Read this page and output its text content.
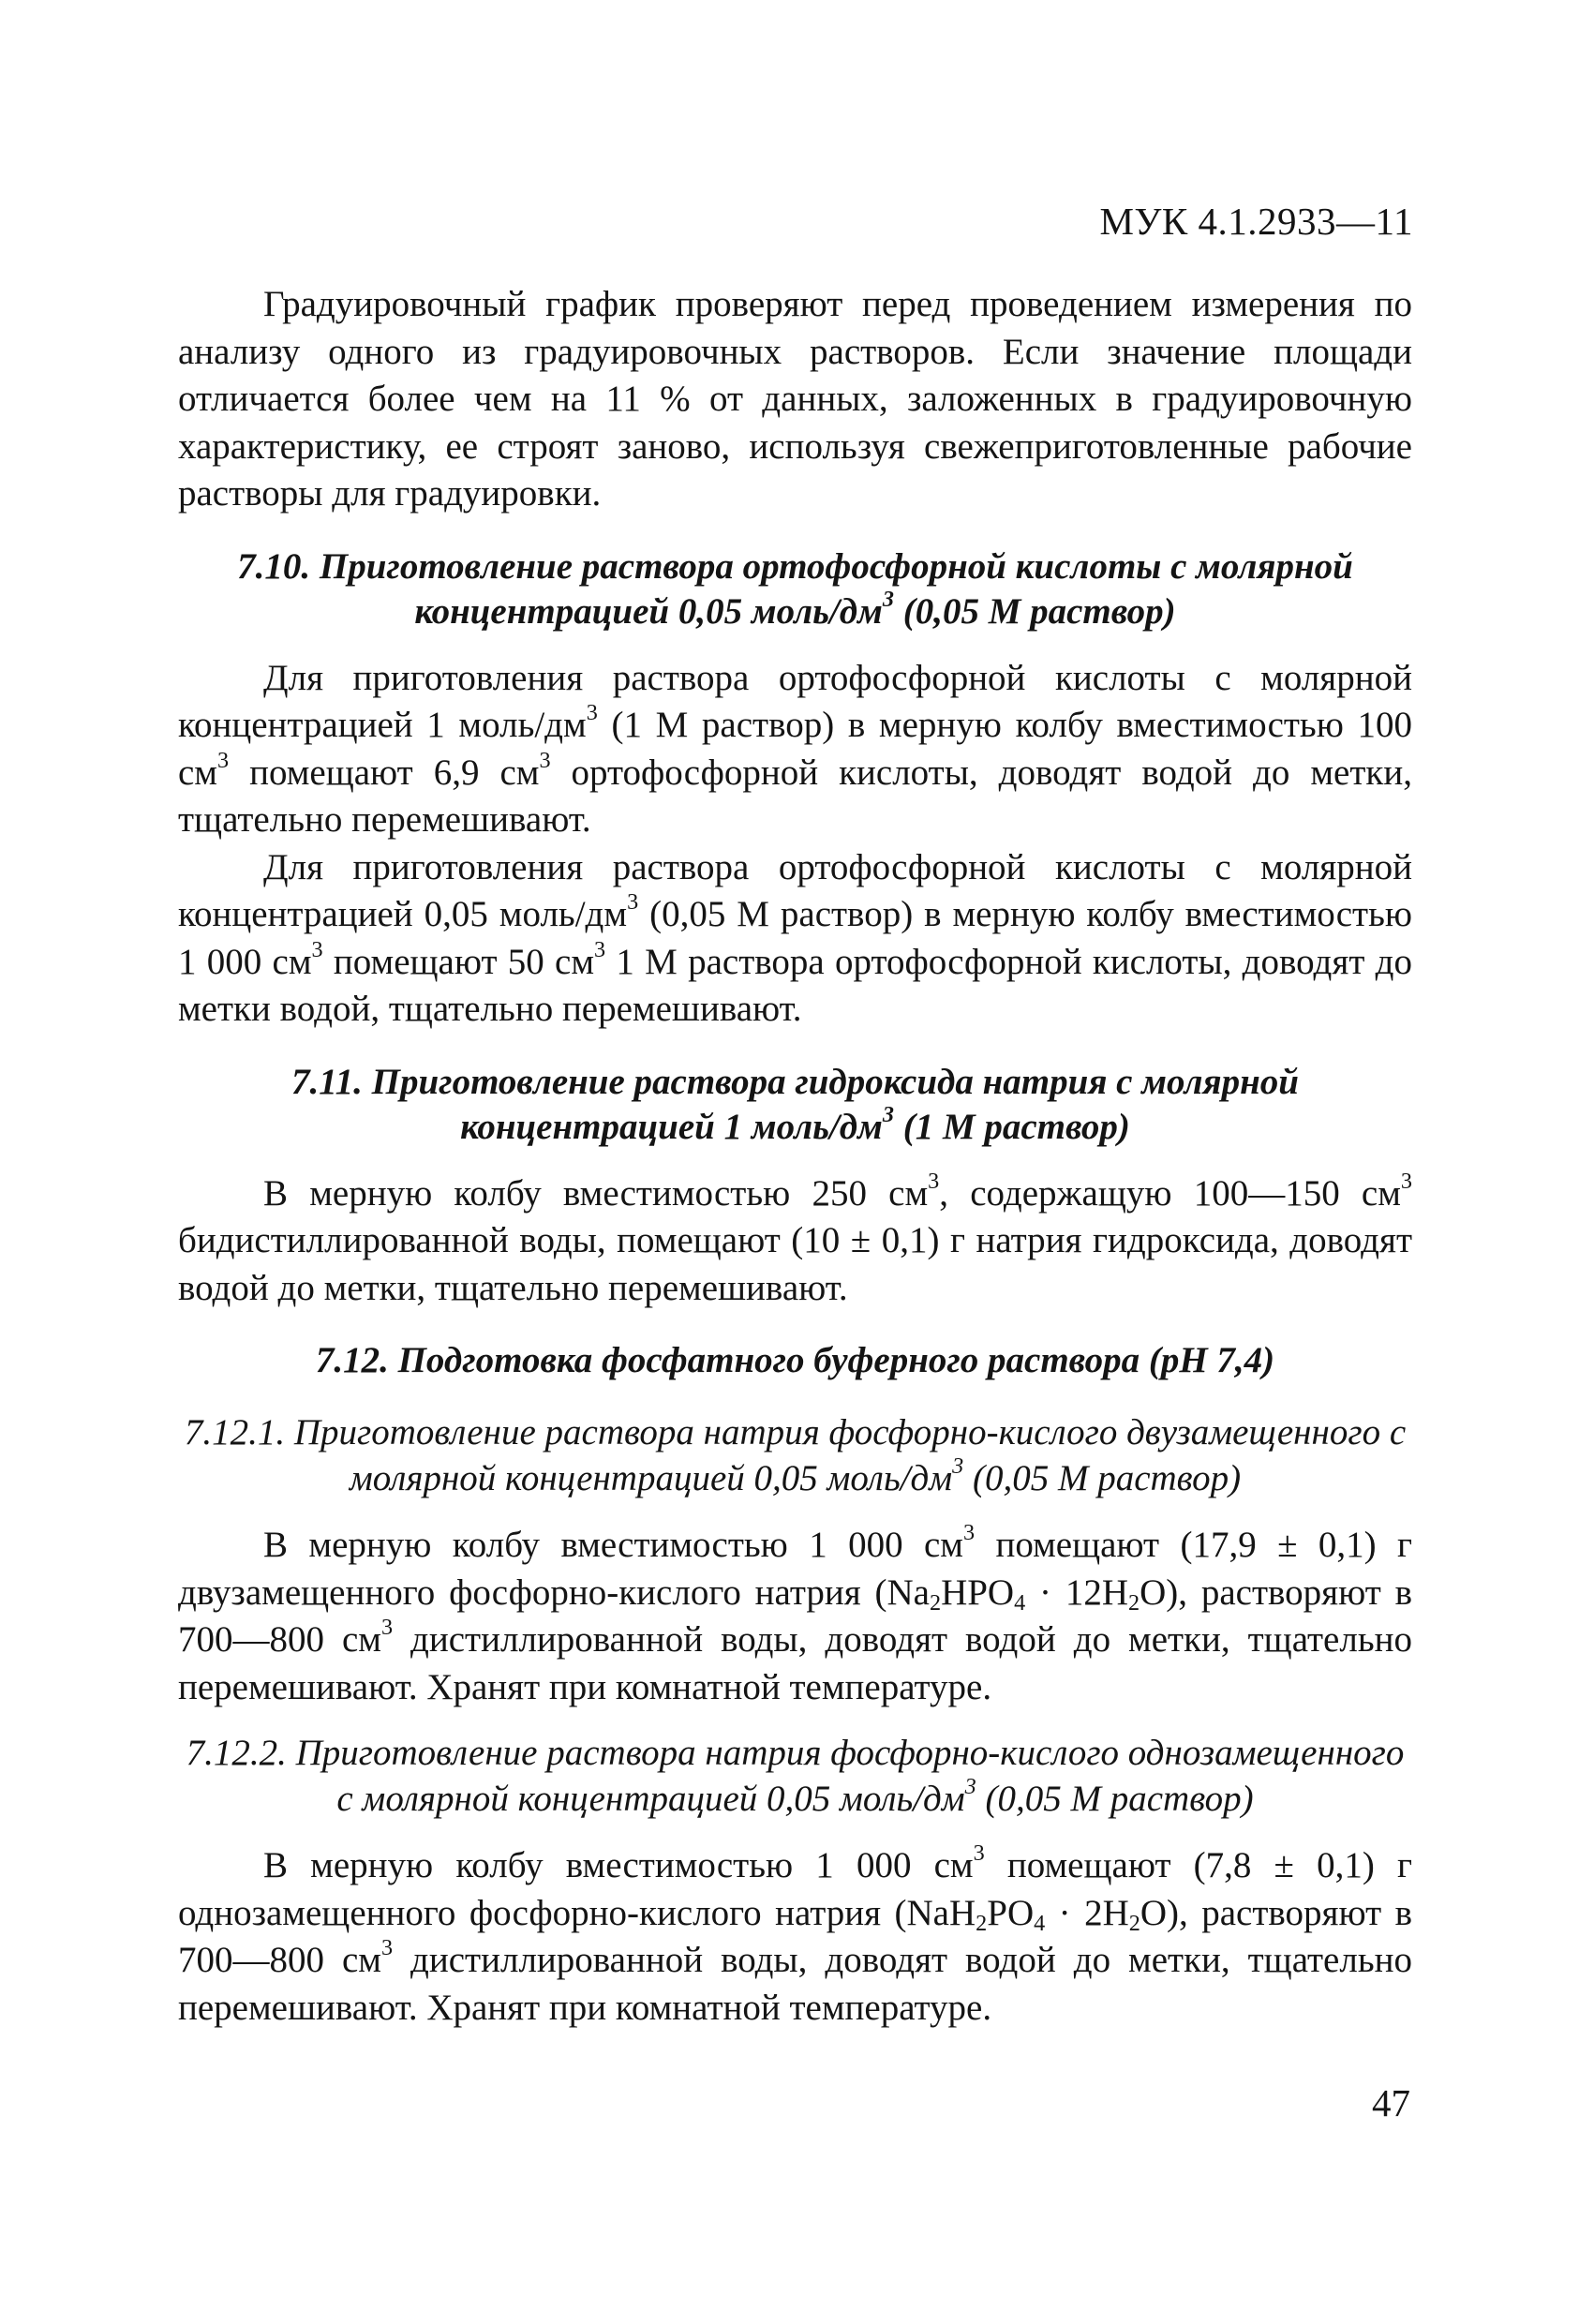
МУК 4.1.2933—11

Градуировочный график проверяют перед проведением измерения по анализу одного из градуировочных растворов. Если значение площади отличается более чем на 11 % от данных, заложенных в градуировочную характеристику, ее строят заново, используя свежеприготовленные рабочие растворы для градуировки.

7.10. Приготовление раствора ортофосфорной кислоты с молярной концентрацией 0,05 моль/$дм^3$ (0,05 М раствор)

Для приготовления раствора ортофосфорной кислоты с молярной концентрацией 1 моль/$дм^3$ (1 М раствор) в мерную колбу вместимостью 100 $см^3$ помещают 6,9 $см^3$ ортофосфорной кислоты, доводят водой до метки, тщательно перемешивают.

Для приготовления раствора ортофосфорной кислоты с молярной концентрацией 0,05 моль/$дм^3$ (0,05 М раствор) в мерную колбу вместимостью 1 000 $см^3$ помещают 50 $см^3$ 1 М раствора ортофосфорной кислоты, доводят до метки водой, тщательно перемешивают.

7.11. Приготовление раствора гидроксида натрия с молярной концентрацией 1 моль/$дм^3$ (1 М раствор)

В мерную колбу вместимостью 250 $см^3$, содержащую 100—150 $см^3$ бидистиллированной воды, помещают (10 ± 0,1) г натрия гидроксида, доводят водой до метки, тщательно перемешивают.

7.12. Подготовка фосфатного буферного раствора (рН 7,4)

7.12.1. Приготовление раствора натрия фосфорно-кислого двузамещенного с молярной концентрацией 0,05 моль/$дм^3$ (0,05 М раствор)

В мерную колбу вместимостью 1 000 $см^3$ помещают (17,9 ± 0,1) г двузамещенного фосфорно-кислого натрия $(Na_2HPO_4 \cdot 12H_2O)$, растворяют в 700—800 $см^3$ дистиллированной воды, доводят водой до метки, тщательно перемешивают. Хранят при комнатной температуре.

7.12.2. Приготовление раствора натрия фосфорно-кислого однозамещенного с молярной концентрацией 0,05 моль/$дм^3$ (0,05 М раствор)

В мерную колбу вместимостью 1 000 $см^3$ помещают (7,8 ± 0,1) г однозамещенного фосфорно-кислого натрия $(NaH_2PO_4 \cdot 2H_2O)$, растворяют в 700—800 $см^3$ дистиллированной воды, доводят водой до метки, тщательно перемешивают. Хранят при комнатной температуре.

47
